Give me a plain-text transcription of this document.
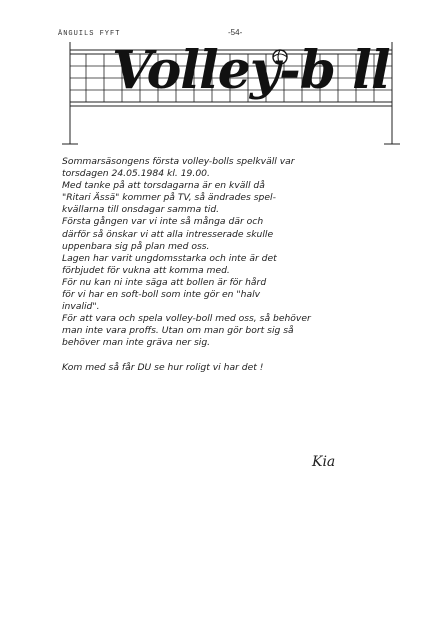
ÄNGUILS FYFT	-54-
Volley-b ll
Sommarsäsongens första volley-bolls spelkväll var
torsdagen 24.05.1984 kl. 19.00.
Med tanke på att torsdagarna är en kväll då
"Ritari Ässä" kommer på TV, så ändrades spel-
kvällarna till onsdagar samma tid.
Första gången var vi inte så många där och
därför så önskar vi att alla intresserade skulle
uppenbara sig på plan med oss.
Lagen har varit ungdomsstarka och inte är det
förbjudet för vukna att komma med.
För nu kan ni inte säga att bollen är för hård
för vi har en soft-boll som inte gör en "halv
invalid".
För att vara och spela volley-boll med oss, så behöver
man inte vara proffs. Utan om man gör bort sig så
behöver man inte gräva ner sig.
Kom med så får DU se hur roligt vi har det !
Kia
